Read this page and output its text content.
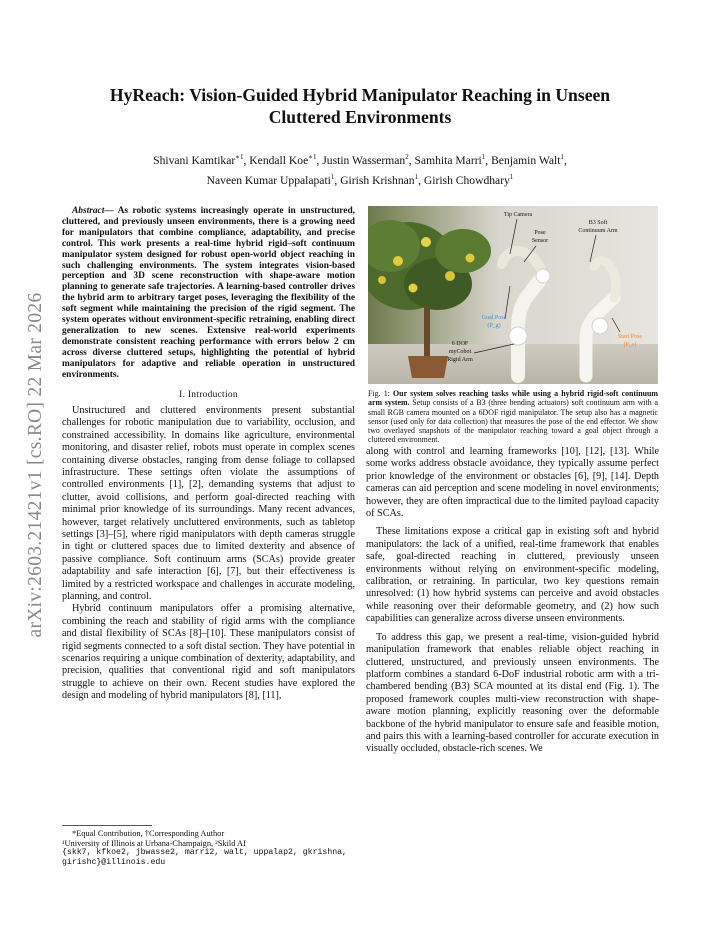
arXiv:2603.21421v1 [cs.RO] 22 Mar 2026
HyReach: Vision-Guided Hybrid Manipulator Reaching in Unseen
Cluttered Environments
Shivani Kamtikar$^{∗1}$, Kendall Koe$^{∗1}$, Justin Wasserman$^2$, Samhita Marri$^1$, Benjamin Walt$^1$,
Naveen Kumar Uppalapati$^1$, Girish Krishnan$^1$, Girish Chowdhary$^1$

Abstract— As robotic systems increasingly operate in unstructured, cluttered, and previously unseen environments, there is a growing need for manipulators that combine compliance, adaptability, and precise control. This work presents a real-time hybrid rigid–soft continuum manipulator system designed for robust open-world object reaching in such challenging environments. The system integrates vision-based perception and 3D scene reconstruction with shape-aware motion planning to generate safe trajectories. A learning-based controller drives the hybrid arm to arbitrary target poses, leveraging the flexibility of the soft segment while maintaining the precision of the rigid segment. The system operates without environment-specific retraining, enabling direct generalization to new scenes. Extensive real-world experiments demonstrate consistent reaching performance with errors below 2 cm across diverse cluttered setups, highlighting the potential of hybrid manipulators for adaptive and reliable operation in unstructured environments.

I. Introduction

Unstructured and cluttered environments present substantial challenges for robotic manipulation due to variability, occlusion, and constrained accessibility. In domains like agriculture, environmental monitoring, and disaster relief, robots must operate in complex scenes containing diverse obstacles, ranging from dense foliage to collapsed infrastructure. These settings often violate the assumptions of controlled environments [1], [2], demanding systems that adjust to clutter, avoid collisions, and perform goal-directed reaching with minimal prior knowledge of its surroundings. Many recent advances, however, target relatively uncluttered environments, such as tabletop settings [3]–[5], where rigid manipulators with depth cameras struggle in tight or cluttered spaces due to limited dexterity and absence of passive compliance. Soft continuum arms (SCAs) provide greater adaptability and safe interaction [6], [7], but their effectiveness is limited by a restricted workspace and challenges in accurate modeling, planning, and control.

Hybrid continuum manipulators offer a promising alternative, combining the reach and stability of rigid arms with the compliance and distal flexibility of SCAs [8]–[10]. These manipulators consist of rigid segments connected to a soft distal section. They have potential in scenarios requiring a unique combination of dexterity, adaptability, and precision, qualities that conventional rigid and soft manipulators struggle to achieve on their own. Recent studies have explored the design and modeling of hybrid manipulators [8], [11],

*Equal Contribution, †Corresponding Author
¹University of Illinois at Urbana-Champaign, ²Skild AI
{skk7, kfkoe2, jbwasse2, marri2, walt, uppalap2, gkrishna, girishc}@illinois.edu
Tip Camera
Pose
Sensor
B3 Soft
Continuum Arm
Goal Pose
(P_g)
Start Pose
(P_s)
6 DOF
myCobot
Rigid Arm
Fig. 1: Our system solves reaching tasks while using a hybrid rigid-soft continuum arm system. Setup consists of a B3 (three bending actuators) soft continuum arm with a small RGB camera mounted on a 6DOF rigid manipulator. The setup also has a magnetic sensor (used only for data collection) that measures the pose of the end effector. We show two overlayed snapshots of the manipulator reaching toward a goal object through a cluttered environment.

along with control and learning frameworks [10], [12], [13]. While some works address obstacle avoidance, they typically assume perfect prior knowledge of the environment or obstacles [6], [9], [14]. Depth cameras can aid perception and scene modeling in novel environments; however, they are often impractical due to the limited payload capacity of SCAs.

These limitations expose a critical gap in existing soft and hybrid manipulators: the lack of a unified, real-time framework that enables safe, goal-directed reaching in cluttered, previously unseen environments without relying on environment-specific modeling, calibration, or retraining. In particular, two key questions remain unresolved: (1) how hybrid systems can perceive and avoid obstacles while reasoning over their deformable geometry, and (2) how such capabilities can generalize across diverse unseen environments.

To address this gap, we present a real-time, vision-guided hybrid manipulation framework that enables reliable object reaching in cluttered, unstructured, and previously unseen environments. The platform combines a standard 6-DoF industrial robotic arm with a tri-chambered bending (B3) SCA mounted at its distal end (Fig. 1). The proposed framework couples multi-view reconstruction with shape-aware motion planning, explicitly reasoning over the deformable backbone of the hybrid manipulator to ensure safe and feasible motion, and pairs this with a learning-based controller for accurate execution in visually occluded, obstacle-rich scenes. We
